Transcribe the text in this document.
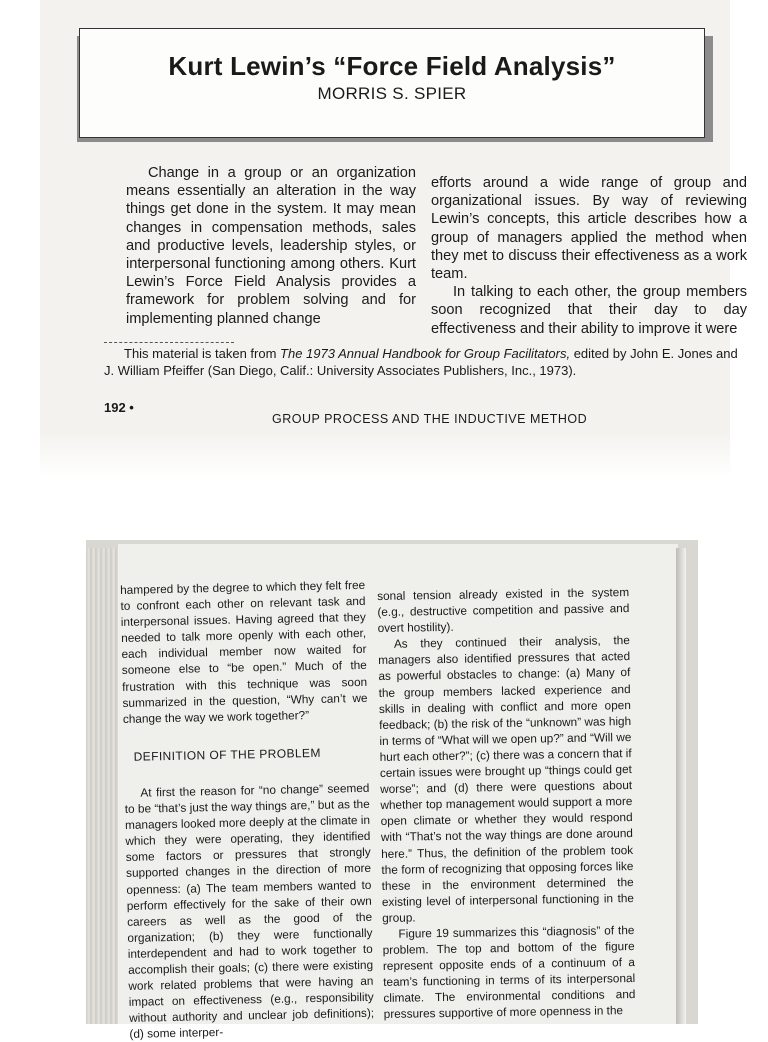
Kurt Lewin’s “Force Field Analysis”
MORRIS S. SPIER

Change in a group or an organization means essentially an alteration in the way things get done in the system. It may mean changes in compensation methods, sales and productive levels, leadership styles, or interpersonal functioning among others. Kurt Lewin’s Force Field Analysis provides a framework for problem solving and for implementing planned change

efforts around a wide range of group and organizational issues. By way of reviewing Lewin’s concepts, this article describes how a group of managers applied the method when they met to discuss their effectiveness as a work team.

In talking to each other, the group members soon recognized that their day to day effectiveness and their ability to improve it were

This material is taken from The 1973 Annual Handbook for Group Facilitators, edited by John E. Jones and J. William Pfeiffer (San Diego, Calif.: University Associates Publishers, Inc., 1973).
192 •
GROUP PROCESS AND THE INDUCTIVE METHOD

hampered by the degree to which they felt free to confront each other on relevant task and interpersonal issues. Having agreed that they needed to talk more openly with each other, each individual member now waited for someone else to “be open.” Much of the frustration with this technique was soon summarized in the question, “Why can’t we change the way we work together?”

DEFINITION OF THE PROBLEM

At first the reason for “no change” seemed to be “that’s just the way things are,” but as the managers looked more deeply at the climate in which they were operating, they identified some factors or pressures that strongly supported changes in the direction of more openness: (a) The team members wanted to perform effectively for the sake of their own careers as well as the good of the organization; (b) they were functionally interdependent and had to work together to accomplish their goals; (c) there were existing work related problems that were having an impact on effectiveness (e.g., responsibility without authority and unclear job definitions); (d) some interper-

sonal tension already existed in the system (e.g., destructive competition and passive and overt hostility).

As they continued their analysis, the managers also identified pressures that acted as powerful obstacles to change: (a) Many of the group members lacked experience and skills in dealing with conflict and more open feedback; (b) the risk of the “unknown” was high in terms of “What will we open up?” and “Will we hurt each other?”; (c) there was a concern that if certain issues were brought up “things could get worse”; and (d) there were questions about whether top management would support a more open climate or whether they would respond with “That’s not the way things are done around here.” Thus, the definition of the problem took the form of recognizing that opposing forces like these in the environment determined the existing level of interpersonal functioning in the group.

Figure 19 summarizes this “diagnosis” of the problem. The top and bottom of the figure represent opposite ends of a continuum of a team’s functioning in terms of its interpersonal climate. The environmental conditions and pressures supportive of more openness in the
